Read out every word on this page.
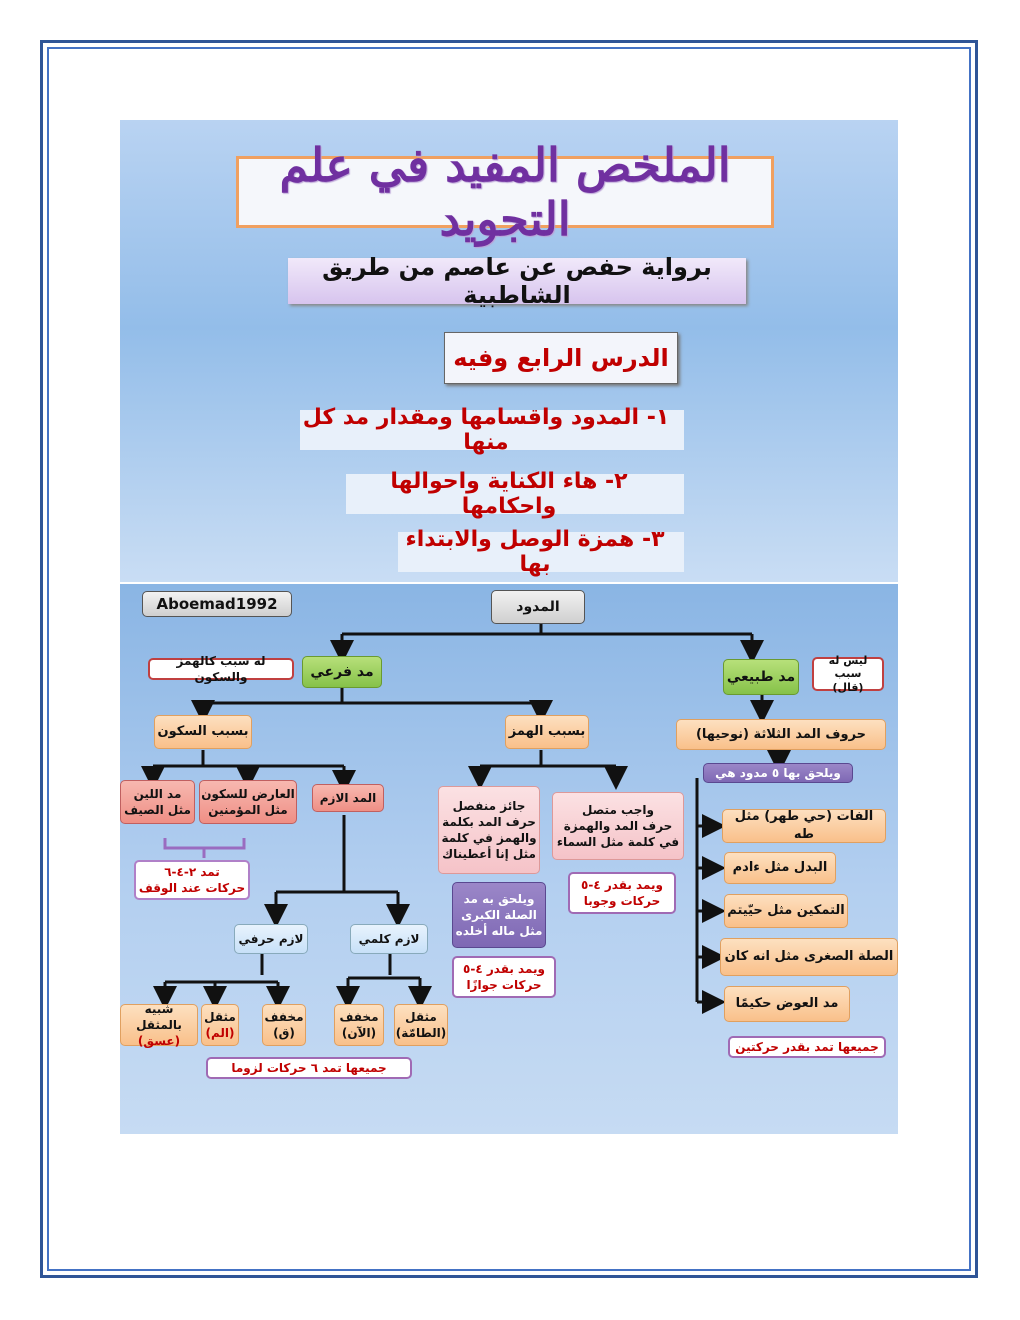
الملخص المفيد في علم التجويد
برواية حفص عن عاصم من طريق الشاطبية
الدرس الرابع وفيه
١- المدود واقسامها ومقدار مد كل منها
٢- هاء الكناية واحوالها واحكامها
٣- همزة الوصل والابتداء بها
Aboemad1992	المدود
له سبب كالهمز والسكون	مد فرعي	مد طبيعي
ليس له سبب
(قال)
بسبب السكون	بسبب الهمز	حروف المد الثلاثة (نوحيها)
ويلحق بها ٥ مدود هي
مد اللين
مثل الصيف
العارض للسكون
مثل المؤمنين
المد الازم
تمد ٢-٤-٦
حركات عند الوقف
جائز منفصل
حرف المد بكلمة
والهمز في كلمة
مثل إنا أعطيناك
واجب متصل
حرف المد والهمزة
في كلمة مثل السماء
ويمد بقدر ٤-٥
حركات وجوبا
ويلحق به مد
الصلة الكبرى
مثل ماله أخلده
ويمد بقدر ٤-٥
حركات جوازًا
لازم حرفي	لازم كلمي
شبيه بالمثقل
(عسق)
مثقل
(الم)
مخفف
(ق)
مخفف
(الآن)
مثقل
(الطامّة)
جميعها تمد ٦ حركات لزوما
الفات (حي طهر) مثل طه
البدل مثل ءادم
التمكين مثل حيّيتم
الصلة الصغرى مثل انه كان
مد العوض حكيمًا
جميعها تمد بقدر حركتين
